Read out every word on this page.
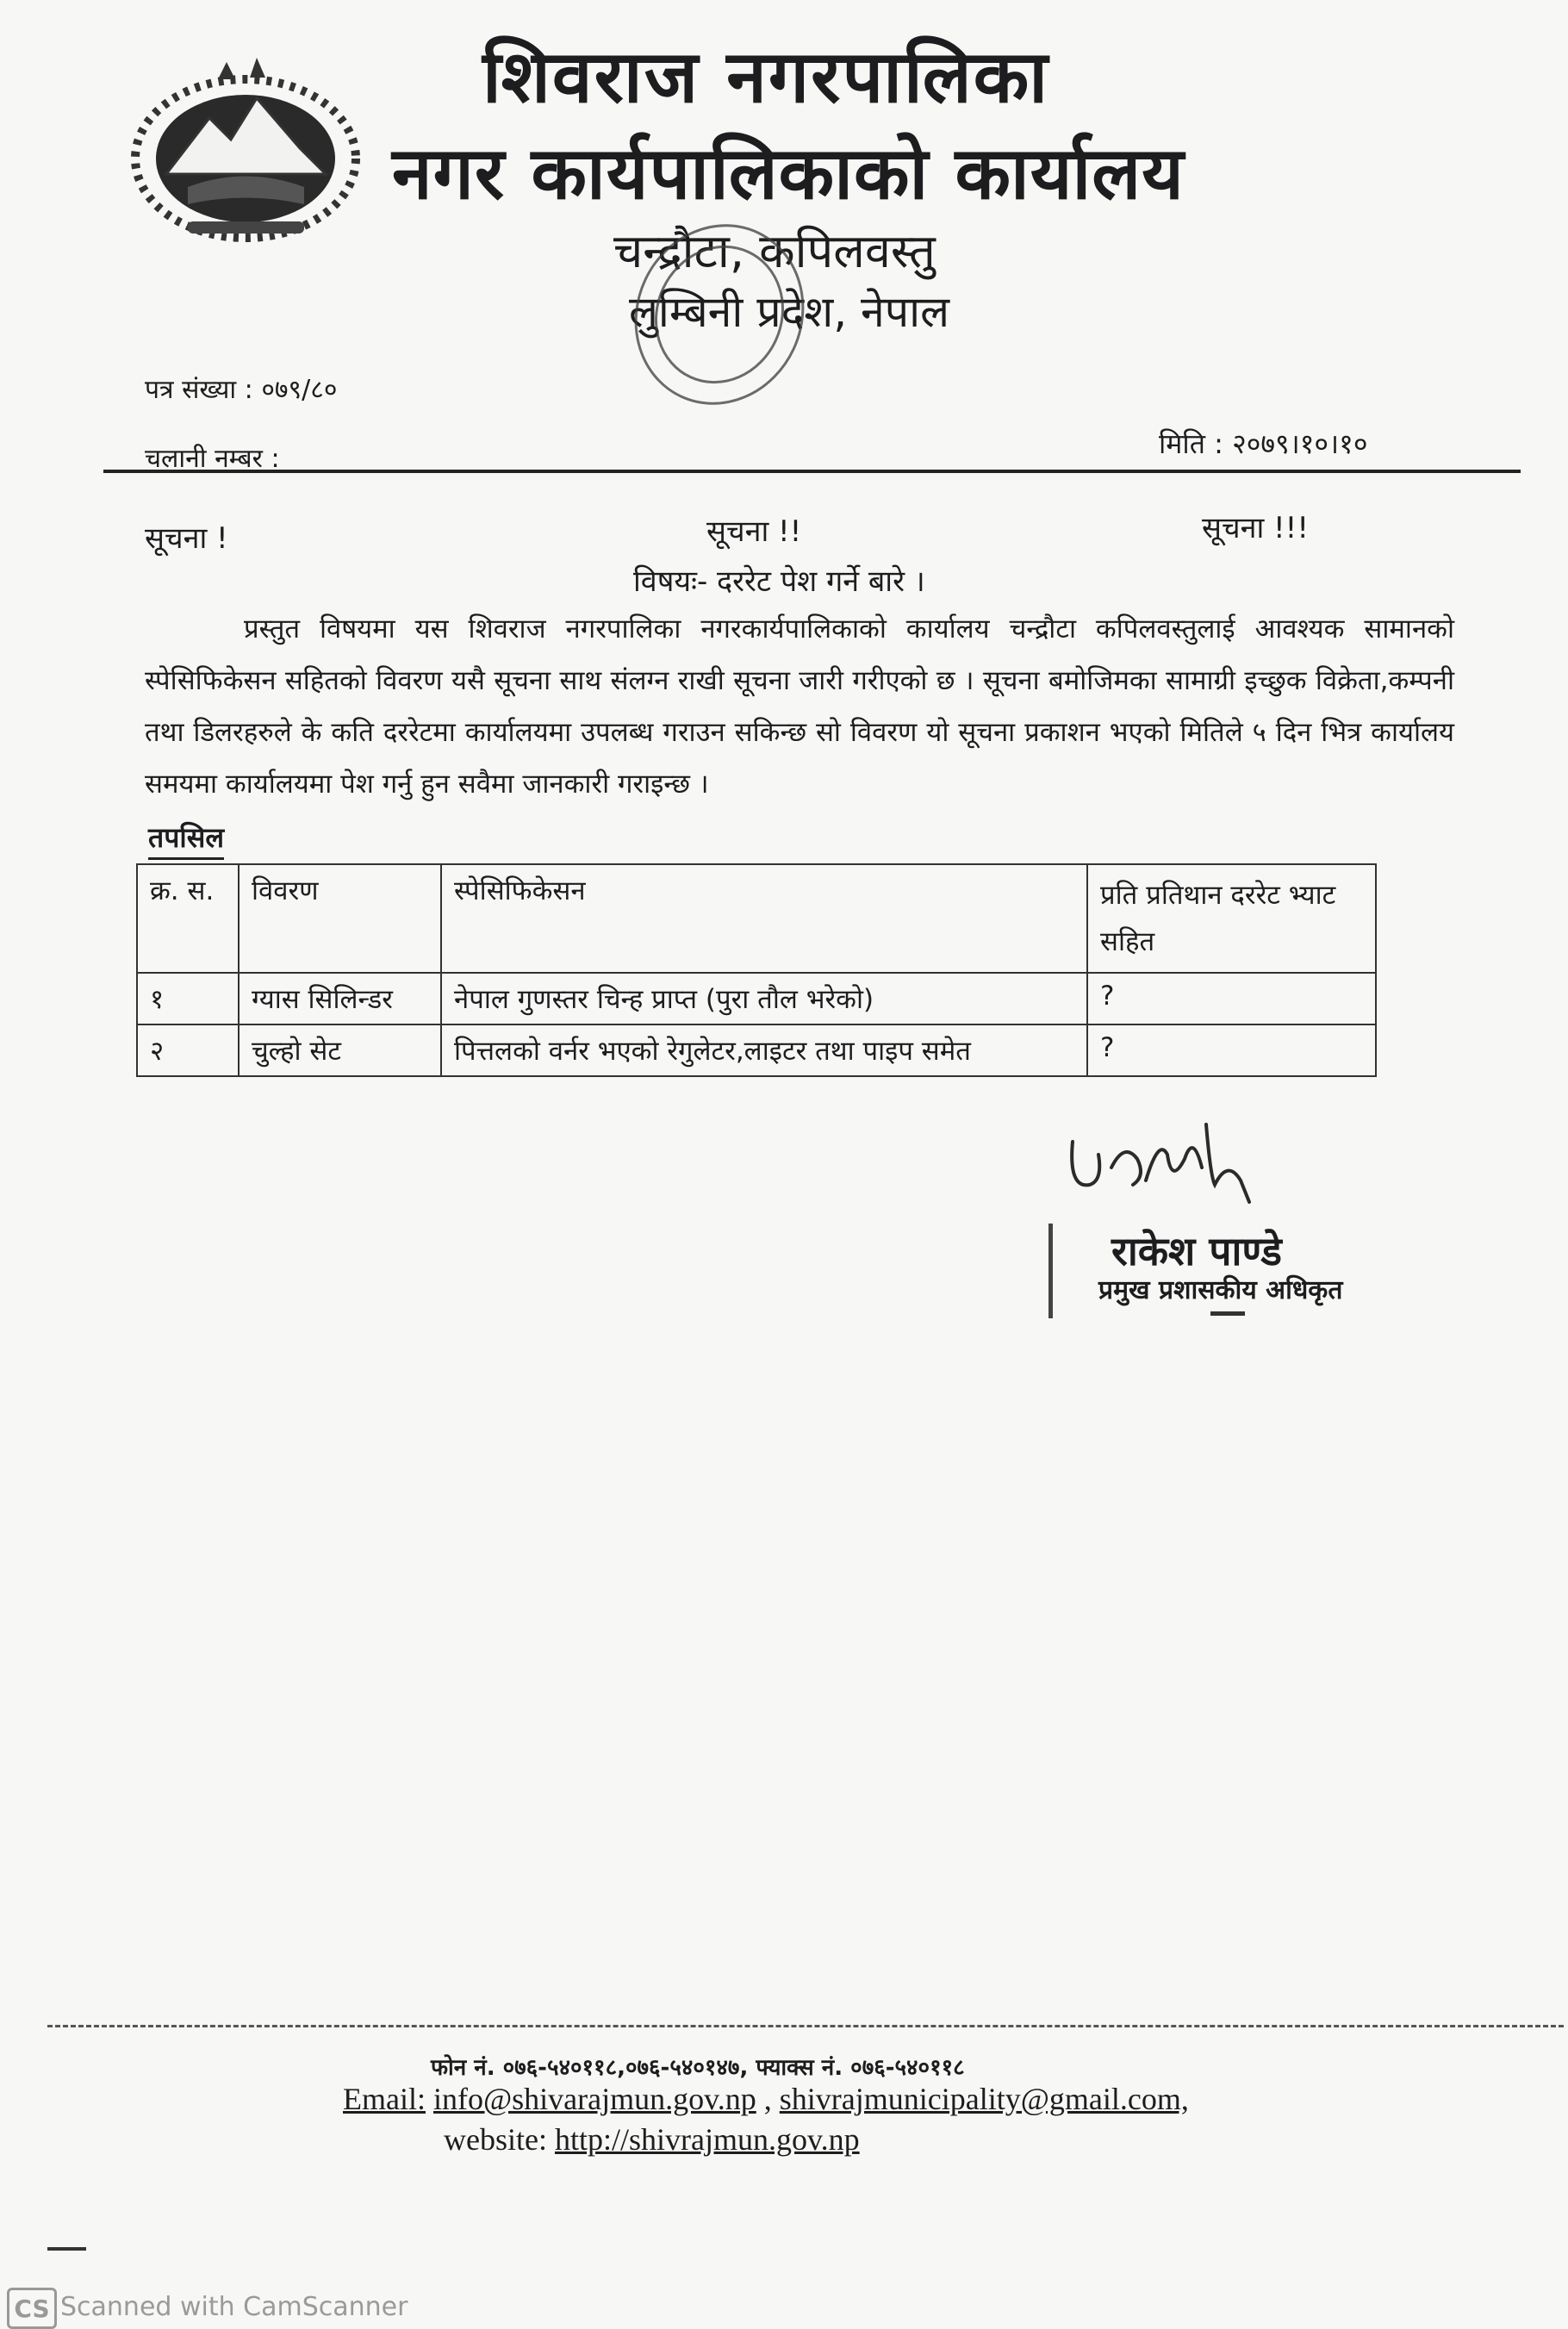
शिवराज नगरपालिका
नगर कार्यपालिकाको कार्यालय
चन्द्रौटा, कपिलवस्तु
लुम्बिनी प्रदेश, नेपाल
पत्र संख्या : ०७९/८०
चलानी नम्बर :	मिति : २०७९।१०।१०
सूचना !	सूचना !!	सूचना !!!
विषयः- दररेट पेश गर्ने बारे ।
प्रस्तुत विषयमा यस शिवराज नगरपालिका नगरकार्यपालिकाको कार्यालय चन्द्रौटा कपिलवस्तुलाई आवश्यक सामानको स्पेसिफिकेसन सहितको विवरण यसै सूचना साथ संलग्न राखी सूचना जारी गरीएको छ । सूचना बमोजिमका सामाग्री इच्छुक विक्रेता,कम्पनी तथा डिलरहरुले के कति दररेटमा कार्यालयमा उपलब्ध गराउन सकिन्छ सो विवरण यो सूचना प्रकाशन भएको मितिले ५ दिन भित्र कार्यालय समयमा कार्यालयमा पेश गर्नु हुन सवैमा जानकारी गराइन्छ ।
तपसिल
क्र. स.	विवरण	स्पेसिफिकेसन	प्रति प्रतिथान दररेट भ्याट सहित
१	ग्यास सिलिन्डर	नेपाल गुणस्तर चिन्ह प्राप्त (पुरा तौल भरेको)	?
२	चुल्हो सेट	पित्तलको वर्नर भएको रेगुलेटर,लाइटर तथा पाइप समेत	?
राकेश पाण्डे
प्रमुख प्रशासकीय अधिकृत
फोन नं. ०७६-५४०११८,०७६-५४०१४७, फ्याक्स नं. ०७६-५४०११८
Email: info@shivarajmun.gov.np , shivrajmunicipality@gmail.com,
website: http://shivrajmun.gov.np
CS Scanned with CamScanner
